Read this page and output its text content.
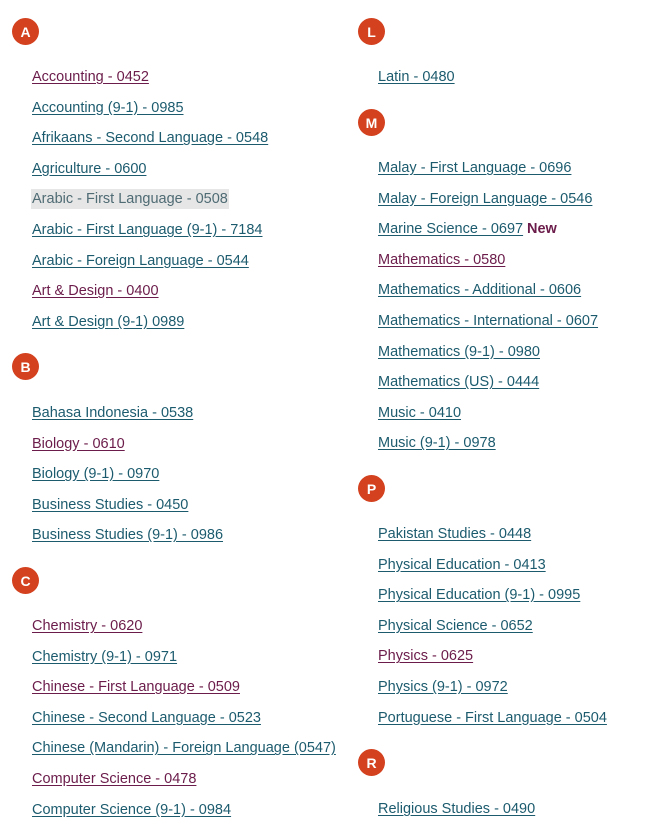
A
Accounting - 0452
Accounting (9-1) - 0985
Afrikaans - Second Language - 0548
Agriculture - 0600
Arabic - First Language - 0508
Arabic - First Language (9-1) - 7184
Arabic - Foreign Language - 0544
Art & Design - 0400
Art & Design (9-1) 0989
B
Bahasa Indonesia - 0538
Biology - 0610
Biology (9-1) - 0970
Business Studies - 0450
Business Studies (9-1) - 0986
C
Chemistry - 0620
Chemistry (9-1) - 0971
Chinese - First Language - 0509
Chinese - Second Language - 0523
Chinese (Mandarin) - Foreign Language (0547)
Computer Science - 0478
Computer Science (9-1) - 0984
L
Latin - 0480
M
Malay - First Language - 0696
Malay - Foreign Language - 0546
Marine Science - 0697 New
Mathematics - 0580
Mathematics - Additional - 0606
Mathematics - International - 0607
Mathematics (9-1) - 0980
Mathematics (US) - 0444
Music - 0410
Music (9-1) - 0978
P
Pakistan Studies - 0448
Physical Education - 0413
Physical Education (9-1) - 0995
Physical Science - 0652
Physics - 0625
Physics (9-1) - 0972
Portuguese - First Language - 0504
R
Religious Studies - 0490
